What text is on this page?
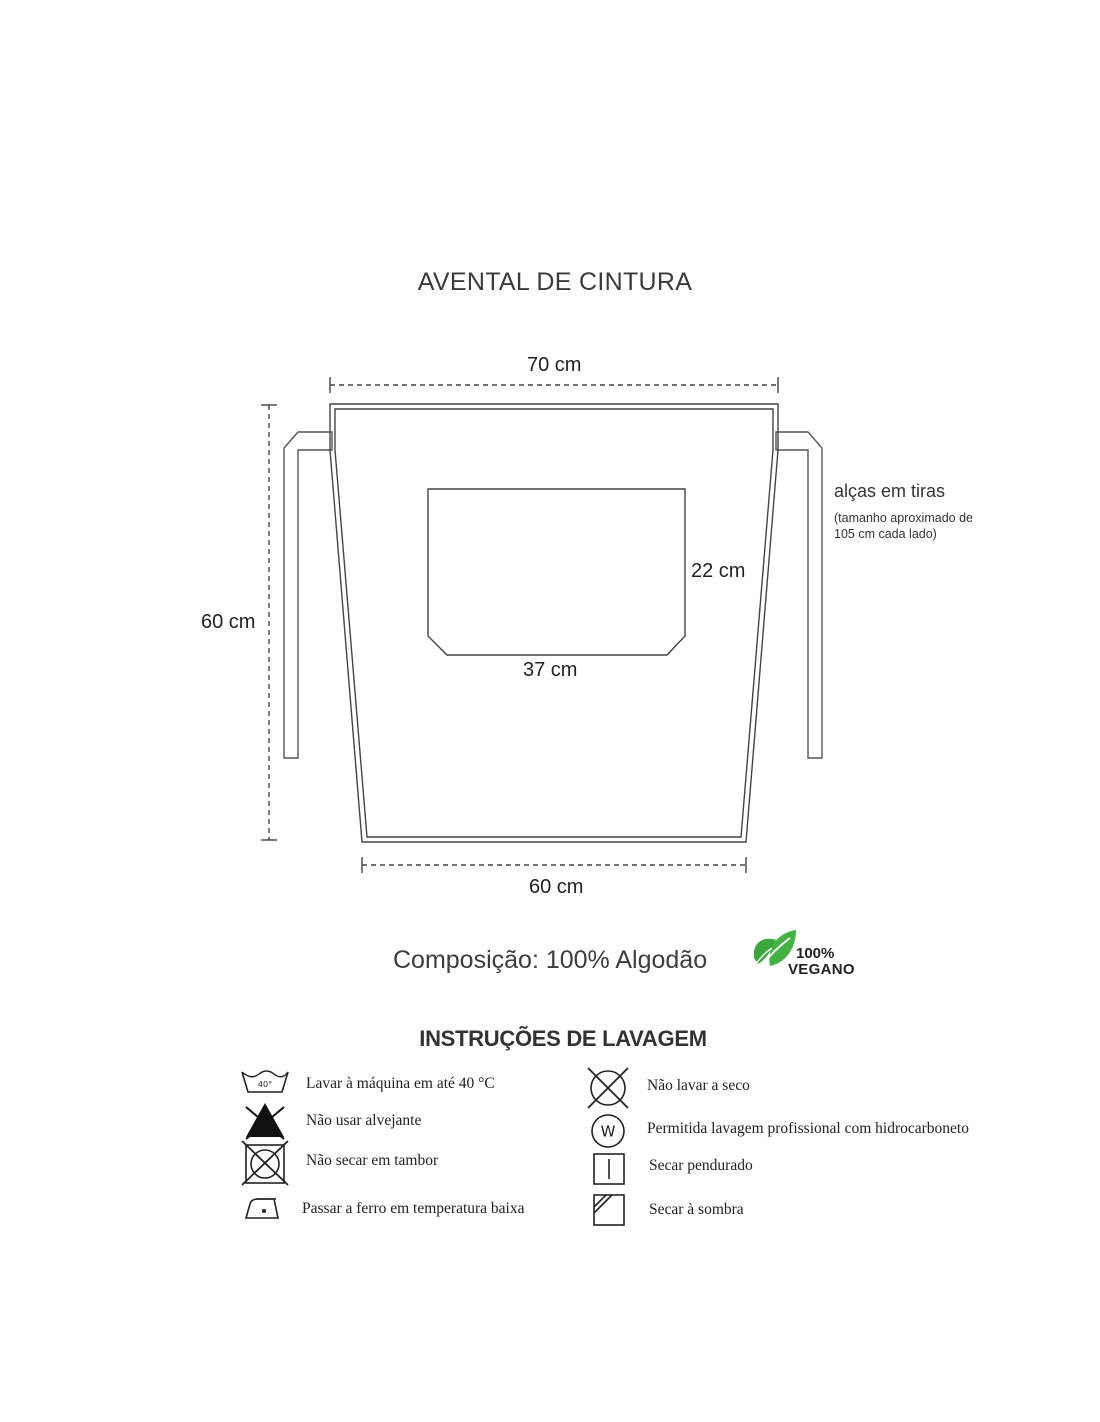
AVENTAL DE CINTURA
70 cm
60 cm
60 cm
22 cm
37 cm
alças em tiras
(tamanho aproximado de
105 cm cada lado)
Composição: 100% Algodão	100%
VEGANO
INSTRUÇÕES DE LAVAGEM
40° Lavar à máquina em até 40 °C
Não usar alvejante
Não secar em tambor
Passar a ferro em temperatura baixa
W
Não lavar a seco
Permitida lavagem profissional com hidrocarboneto
Secar pendurado
Secar à sombra
